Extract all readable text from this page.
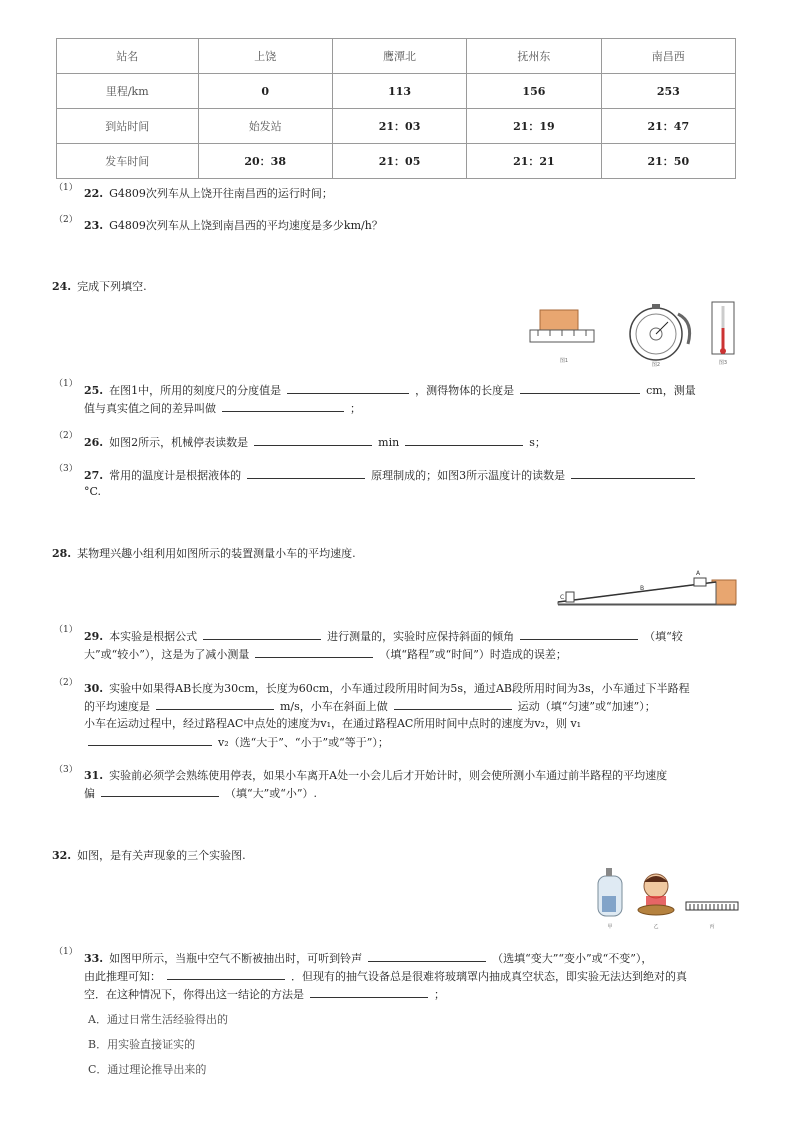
站名	上饶	鹰潭北	抚州东	南昌西
里程/km	0	113	156	253
到站时间	始发站	21：03	21：19	21：47
发车时间	20：38	21：05	21：21	21：50
（1） 22. G4809次列车从上饶开往南昌西的运行时间；
（2） 23. G4809次列车从上饶到南昌西的平均速度是多少km/h？
24. 完成下列填空.
图1
图2	图3
（1） 25. 在图1中，所用的刻度尺的分度值是	，测得物体的长度是	cm，测量
值与真实值之间的差异叫做	；
（2） 26. 如图2所示，机械停表读数是	min	s；
（3） 27. 常用的温度计是根据液体的	原理制成的；如图3所示温度计的读数是
°C.
28. 某物理兴趣小组利用如图所示的装置测量小车的平均速度.
C
B
A
（1） 29. 本实验是根据公式	进行测量的，实验时应保持斜面的倾角	（填“较
大”或“较小”），这是为了减小测量	（填“路程”或“时间”）时造成的误差；
（2） 30. 实验中如果得AB长度为30cm，长度为60cm，小车通过段所用时间为5s，通过AB段所用时间为3s，小车通过下半路程
的平均速度是	m/s，小车在斜面上做	运动（填“匀速”或“加速”）；
小车在运动过程中，经过路程AC中点处的速度为v₁，在通过路程AC所用时间中点时的速度为v₂，则 v₁
v₂（选“大于”、“小于”或“等于”）；
（3） 31. 实验前必须学会熟练使用停表，如果小车离开A处一小会儿后才开始计时，则会使所测小车通过前半路程的平均速度
偏	（填“大”或“小”）.
32. 如图，是有关声现象的三个实验图.
甲	乙	丙
（1） 33. 如图甲所示，当瓶中空气不断被抽出时，可听到铃声	（选填“变大”“变小”或“不变”），
由此推理可知：	．但现有的抽气设备总是很难将玻璃罩内抽成真空状态，即实验无法达到绝对的真
空．在这种情况下，你得出这一结论的方法是	；
A．通过日常生活经验得出的
B．用实验直接证实的
C．通过理论推导出来的
